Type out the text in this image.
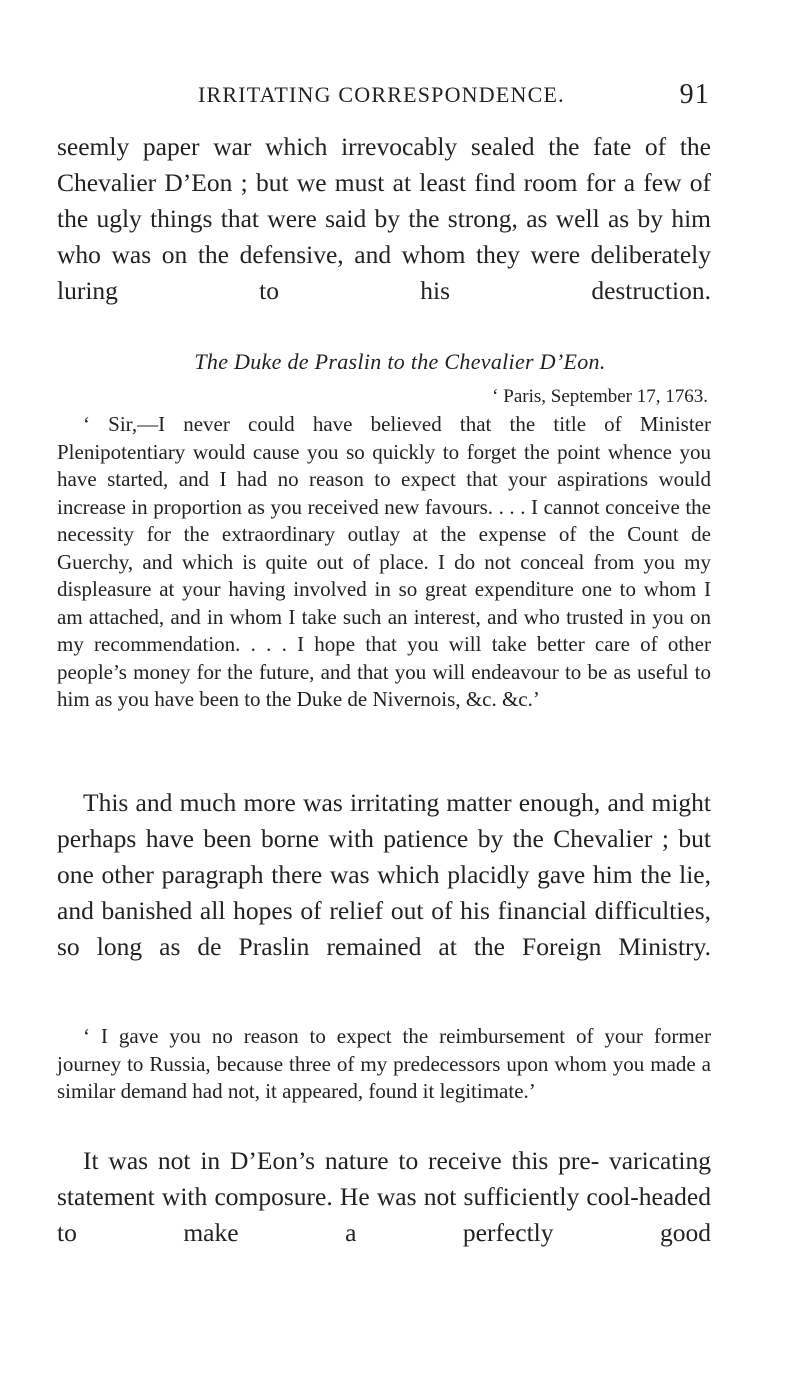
IRRITATING CORRESPONDENCE.	91

seemly paper war which irrevocably sealed the fate of the Chevalier D’Eon ; but we must at least find room for a few of the ugly things that were said by the strong, as well as by him who was on the defensive, and whom they were deliberately luring to his destruction.

The Duke de Praslin to the Chevalier D’Eon.
‘ Paris, September 17, 1763.

‘ Sir,—I never could have believed that the title of Minister Plenipotentiary would cause you so quickly to forget the point whence you have started, and I had no reason to expect that your aspirations would increase in proportion as you received new favours. . . . I cannot conceive the necessity for the extraordinary outlay at the expense of the Count de Guerchy, and which is quite out of place. I do not conceal from you my displeasure at your having involved in so great expenditure one to whom I am attached, and in whom I take such an interest, and who trusted in you on my recommendation. . . . I hope that you will take better care of other people’s money for the future, and that you will endeavour to be as useful to him as you have been to the Duke de Nivernois, &c. &c.’

This and much more was irritating matter enough, and might perhaps have been borne with patience by the Chevalier ; but one other paragraph there was which placidly gave him the lie, and banished all hopes of relief out of his financial difficulties, so long as de Praslin remained at the Foreign Ministry.

‘ I gave you no reason to expect the reimbursement of your former journey to Russia, because three of my predecessors upon whom you made a similar demand had not, it appeared, found it legitimate.’

It was not in D’Eon’s nature to receive this pre- varicating statement with composure. He was not sufficiently cool-headed to make a perfectly good
